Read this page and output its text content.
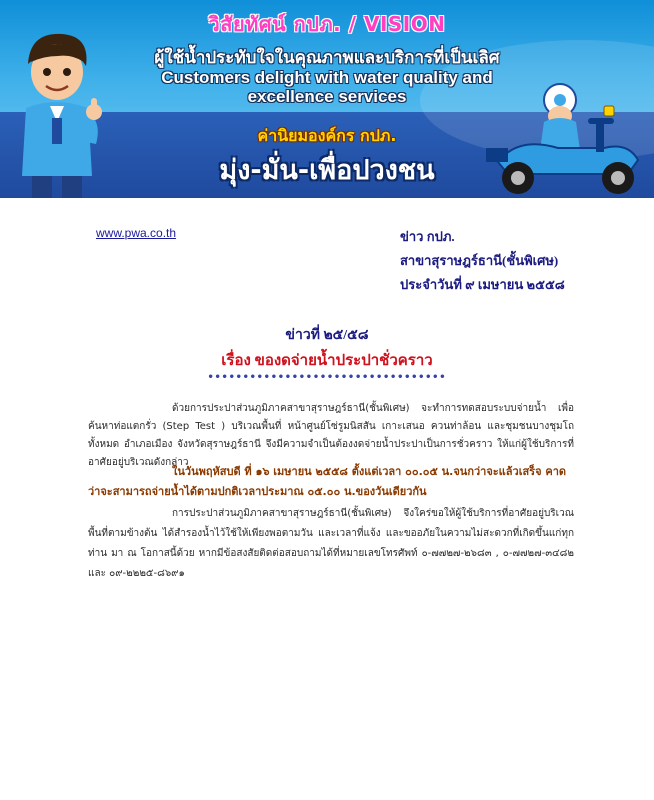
วิสัยทัศน์ กปภ. / VISION
ผู้ใช้น้ำประทับใจในคุณภาพและบริการที่เป็นเลิศ
Customers delight with water quality and
excellence services
ค่านิยมองค์กร กปภ.
มุ่ง-มั่น-เพื่อปวงชน
www.pwa.co.th	ข่าว กปภ.
สาขาสุราษฎร์ธานี(ชั้นพิเศษ)
ประจำวันที่ ๙ เมษายน ๒๕๕๘
ข่าวที่ ๒๕/๕๘
เรื่อง ของดจ่ายน้ำประปาชั่วคราว
••••••••••••••••••••••••••••••••••

ด้วยการประปาส่วนภูมิภาคสาขาสุราษฎร์ธานี(ชั้นพิเศษ) จะทำการทดสอบระบบจ่ายน้ำ เพื่อค้นหาท่อแตกรั่ว (Step Test ) บริเวณพื้นที่ หน้าศูนย์โซ่รูมนิสสัน เกาะเสนอ ควนท่าล้อน และชุมชนบางชุมโถทั้งหมด อำเภอเมือง จังหวัดสุราษฎร์ธานี จึงมีความจำเป็นต้องงดจ่ายน้ำประปาเป็นการชั่วคราว ให้แก่ผู้ใช้บริการที่อาศัยอยู่บริเวณดังกล่าว

ในวันพฤหัสบดี ที่ ๑๖ เมษายน ๒๕๕๘ ตั้งแต่เวลา ๐๐.๐๕ น.จนกว่าจะแล้วเสร็จ คาดว่าจะสามารถจ่ายน้ำได้ตามปกติเวลาประมาณ ๐๕.๐๐ น.ของวันเดียวกัน

การประปาส่วนภูมิภาคสาขาสุราษฎร์ธานี(ชั้นพิเศษ) จึงใคร่ขอให้ผู้ใช้บริการที่อาศัยอยู่บริเวณพื้นที่ตามข้างต้น ได้สำรองน้ำไว้ใช้ให้เพียงพอตามวัน และเวลาที่แจ้ง และขออภัยในความไม่สะดวกที่เกิดขึ้นแก่ทุกท่าน มา ณ โอกาสนี้ด้วย หากมีข้อสงสัยติดต่อสอบถามได้ที่หมายเลขโทรศัพท์ ๐-๗๗๒๗-๒๖๘๓ , ๐-๗๗๒๗-๓๔๘๒ และ ๐๙-๒๒๒๕-๘๖๙๑
